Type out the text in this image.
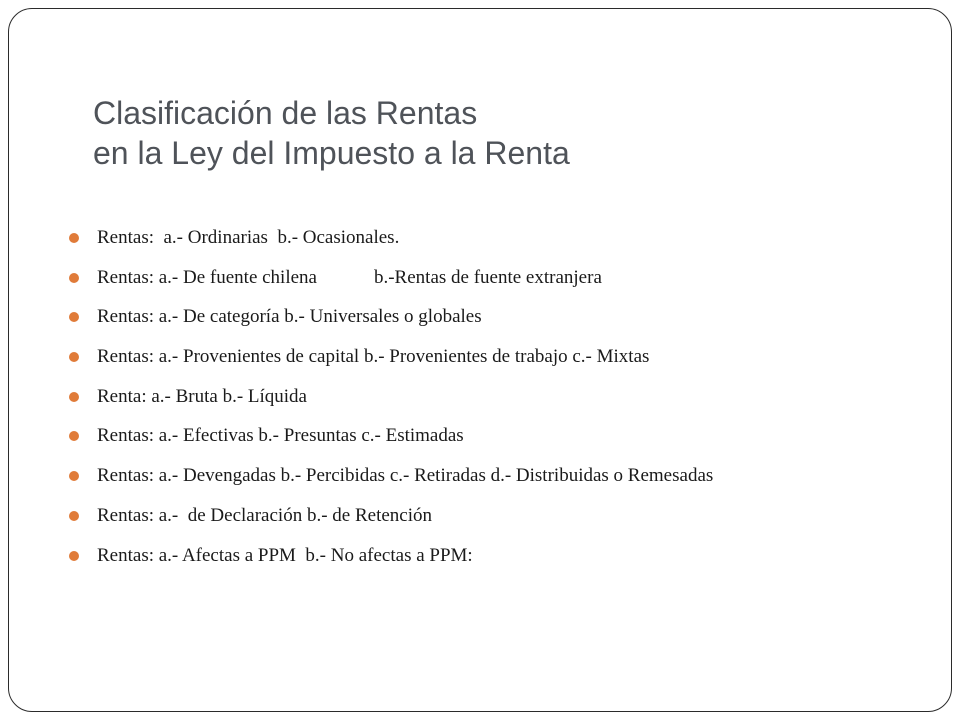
Clasificación de las Rentas
en la Ley del Impuesto a la Renta
Rentas:  a.- Ordinarias  b.- Ocasionales.
Rentas: a.- De fuente chilena            b.-Rentas de fuente extranjera
Rentas: a.- De categoría b.- Universales o globales
Rentas: a.- Provenientes de capital b.- Provenientes de trabajo c.- Mixtas
Renta: a.- Bruta b.- Líquida
Rentas: a.- Efectivas b.- Presuntas c.- Estimadas
Rentas: a.- Devengadas b.- Percibidas c.- Retiradas d.- Distribuidas o Remesadas
Rentas: a.-  de Declaración b.- de Retención
Rentas: a.- Afectas a PPM  b.- No afectas a PPM:
